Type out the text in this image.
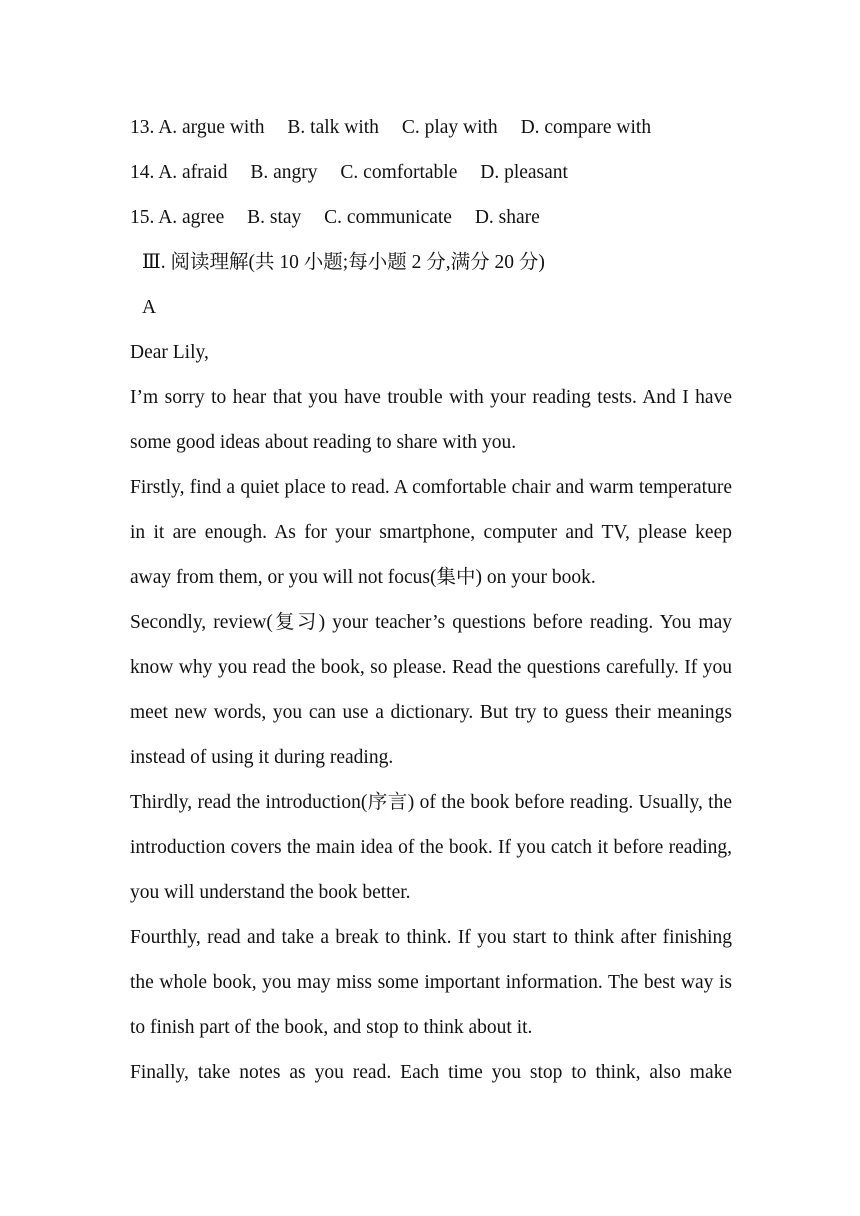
13. A. argue with B. talk with C. play with D. compare with
14. A. afraid B. angry C. comfortable D. pleasant
15. A. agree B. stay C. communicate D. share
Ⅲ. 阅读理解(共 10 小题;每小题 2 分,满分 20 分)
A
Dear Lily,

I’m sorry to hear that you have trouble with your reading tests. And I have some good ideas about reading to share with you.

Firstly, find a quiet place to read. A comfortable chair and warm temperature in it are enough. As for your smartphone, computer and TV, please keep away from them, or you will not focus(集中) on your book.

Secondly, review(复习) your teacher’s questions before reading. You may know why you read the book, so please. Read the questions carefully. If you meet new words, you can use a dictionary. But try to guess their meanings instead of using it during reading.

Thirdly, read the introduction(序言) of the book before reading. Usually, the introduction covers the main idea of the book. If you catch it before reading, you will understand the book better.

Fourthly, read and take a break to think. If you start to think after finishing the whole book, you may miss some important information. The best way is to finish part of the book, and stop to think about it.

Finally, take notes as you read. Each time you stop to think, also make
